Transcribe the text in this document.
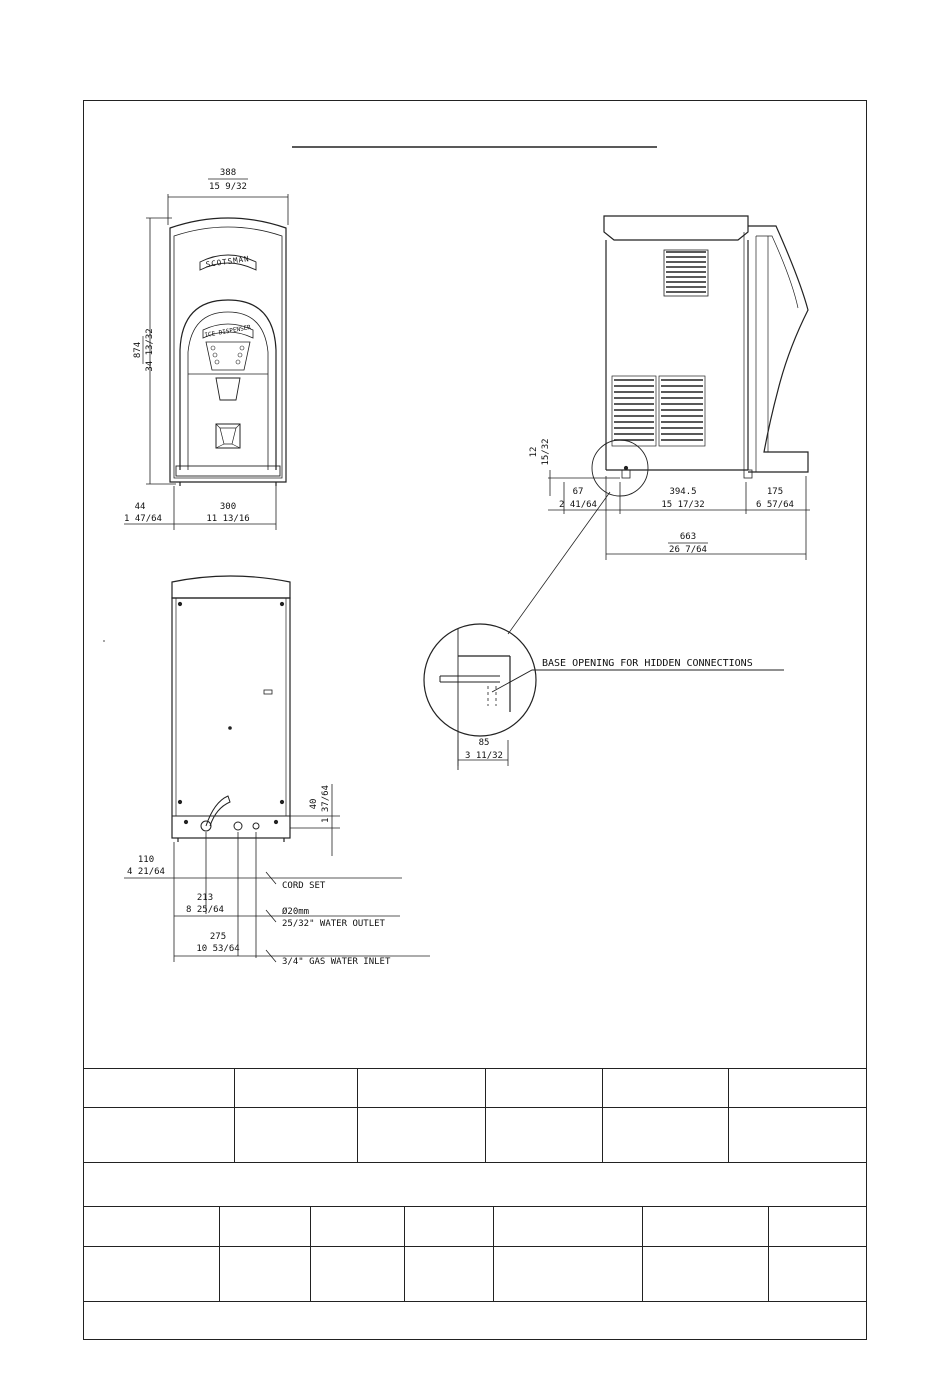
388
15 9/32
SCOTSMAN
ICE DISPENSER
874 34 13/32
44
1 47/64
300
11 13/16
12 15/32
67
2 41/64
394.5
15 17/32
175
6 57/64
663
26 7/64
BASE OPENING FOR HIDDEN CONNECTIONS
85
3 11/32
40 1 37/64
110
4 21/64
CORD SET
213
8 25/64	Ø20mm
25/32" WATER OUTLET
275
10 53/64
3/4" GAS WATER INLET
